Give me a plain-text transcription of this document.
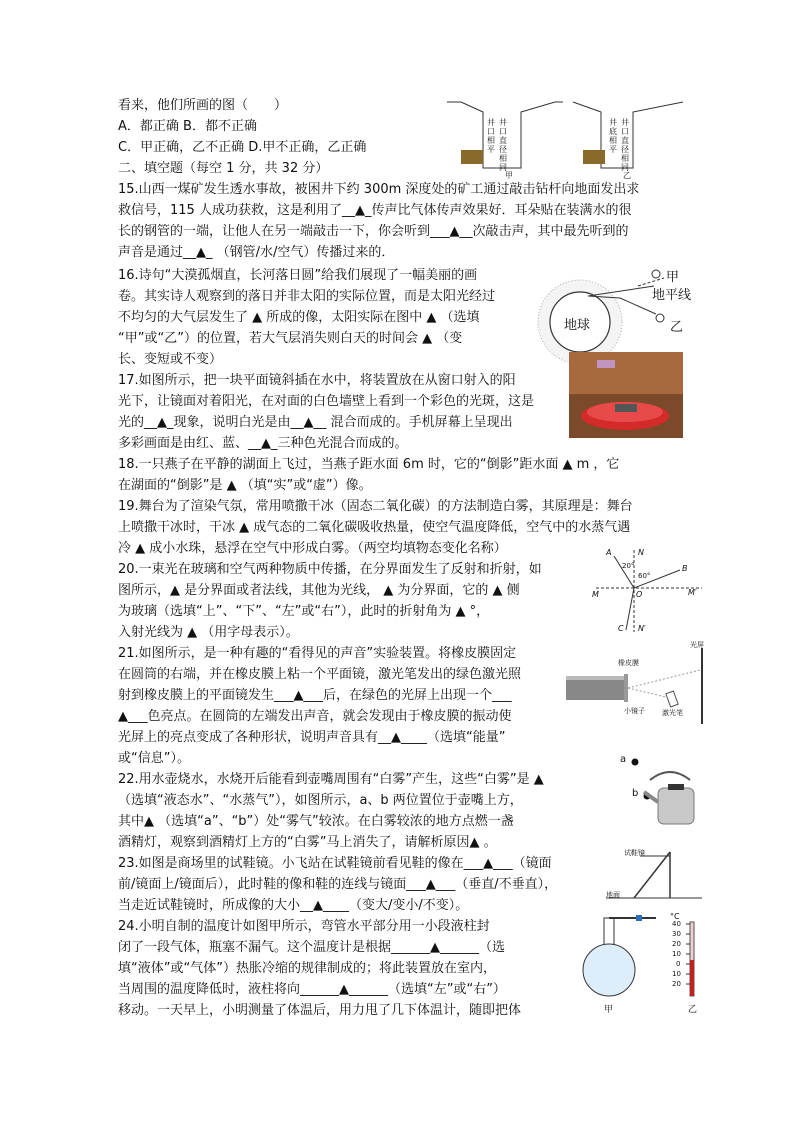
看来，他们所画的图（　　）
A．都正确 B．都不正确
C．甲正确，乙不正确 D.甲不正确，乙正确
二、填空题（每空 1 分，共 32 分）
15.山西一煤矿发生透水事故，被困井下约 300m 深度处的矿工通过敲击钻杆向地面发出求
救信号，115 人成功获救，这是利用了__▲_传声比气体传声效果好．耳朵贴在装满水的很
长的钢管的一端，让他人在另一端敲击一下，你会听到___▲__次敲击声，其中最先听到的
声音是通过__▲_ （钢管/水/空气）传播过来的．
16.诗句“大漠孤烟直，长河落日圆”给我们展现了一幅美丽的画
卷。其实诗人观察到的落日并非太阳的实际位置，而是太阳光经过
不均匀的大气层发生了 ▲ 所成的像，太阳实际在图中 ▲ （选填
“甲”或“乙”）的位置，若大气层消失则白天的时间会 ▲ （变
长、变短或不变）
17.如图所示，把一块平面镜斜插在水中，将装置放在从窗口射入的阳
光下，让镜面对着阳光，在对面的白色墙壁上看到一个彩色的光斑，这是
光的__▲_现象，说明白光是由__▲__ 混合而成的。手机屏幕上呈现出
多彩画面是由红、蓝、__▲_三种色光混合而成的。
18.一只燕子在平静的湖面上飞过，当燕子距水面 6m 时，它的“倒影”距水面 ▲ m ，它
在湖面的“倒影”是 ▲ （填“实”或“虚”）像。
19.舞台为了渲染气氛，常用喷撒干冰（固态二氧化碳）的方法制造白雾，其原理是：舞台
上喷撒干冰时，干冰 ▲ 成气态的二氧化碳吸收热量，使空气温度降低，空气中的水蒸气遇
冷 ▲ 成小水珠，悬浮在空气中形成白雾。（两空均填物态变化名称）
20.一束光在玻璃和空气两种物质中传播，在分界面发生了反射和折射，如
图所示，▲ 是分界面或者法线，其他为光线， ▲ 为分界面，它的 ▲ 侧
为玻璃（选填“上”、“下”、“左”或“右”），此时的折射角为 ▲ °，
入射光线为 ▲ （用字母表示）。
21.如图所示，是一种有趣的“看得见的声音”实验装置。将橡皮膜固定
在圆筒的右端，并在橡皮膜上粘一个平面镜，激光笔发出的绿色激光照
射到橡皮膜上的平面镜发生___▲___后，在绿色的光屏上出现一个___
▲___色亮点。在圆筒的左端发出声音，就会发现由于橡皮膜的振动使
光屏上的亮点变成了各种形状，说明声音具有__▲____（选填“能量”
或“信息”）。
22.用水壶烧水，水烧开后能看到壶嘴周围有“白雾”产生，这些“白雾”是 ▲
（选填“液态水”、“水蒸气”），如图所示，a、b 两位置位于壶嘴上方，
其中▲ （选填“a”、“b”）处“雾气”较浓。在白雾较浓的地方点燃一盏
酒精灯，观察到酒精灯上方的“白雾”马上消失了，请解析原因▲ 。
23.如图是商场里的试鞋镜。小飞站在试鞋镜前看见鞋的像在___▲___（镜面
前/镜面上/镜面后），此时鞋的像和鞋的连线与镜面___▲___（垂直/不垂直），
当走近试鞋镜时，所成像的大小__▲____（变大/变小/不变）。
24.小明自制的温度计如图甲所示，弯管水平部分用一小段液柱封
闭了一段气体，瓶塞不漏气。这个温度计是根据______▲______（选
填“液体”或“气体”）热胀冷缩的规律制成的；将此装置放在室内，
当周围的温度降低时，液柱将向______▲______（选填“左”或“右”）
移动。一天早上，小明测量了体温后，用力甩了几下体温计，随即把体
井口相平
井口直径相同
井底相平
井口直径相同
甲	乙
地球
甲
地平线
乙
A	N
20°
60°
B
M	O	M′
C N′
橡皮膜
光屏
小镜子 激光笔
a
b
试鞋镜
地面
°C
40
30
20
10
0
10
20
甲	乙
